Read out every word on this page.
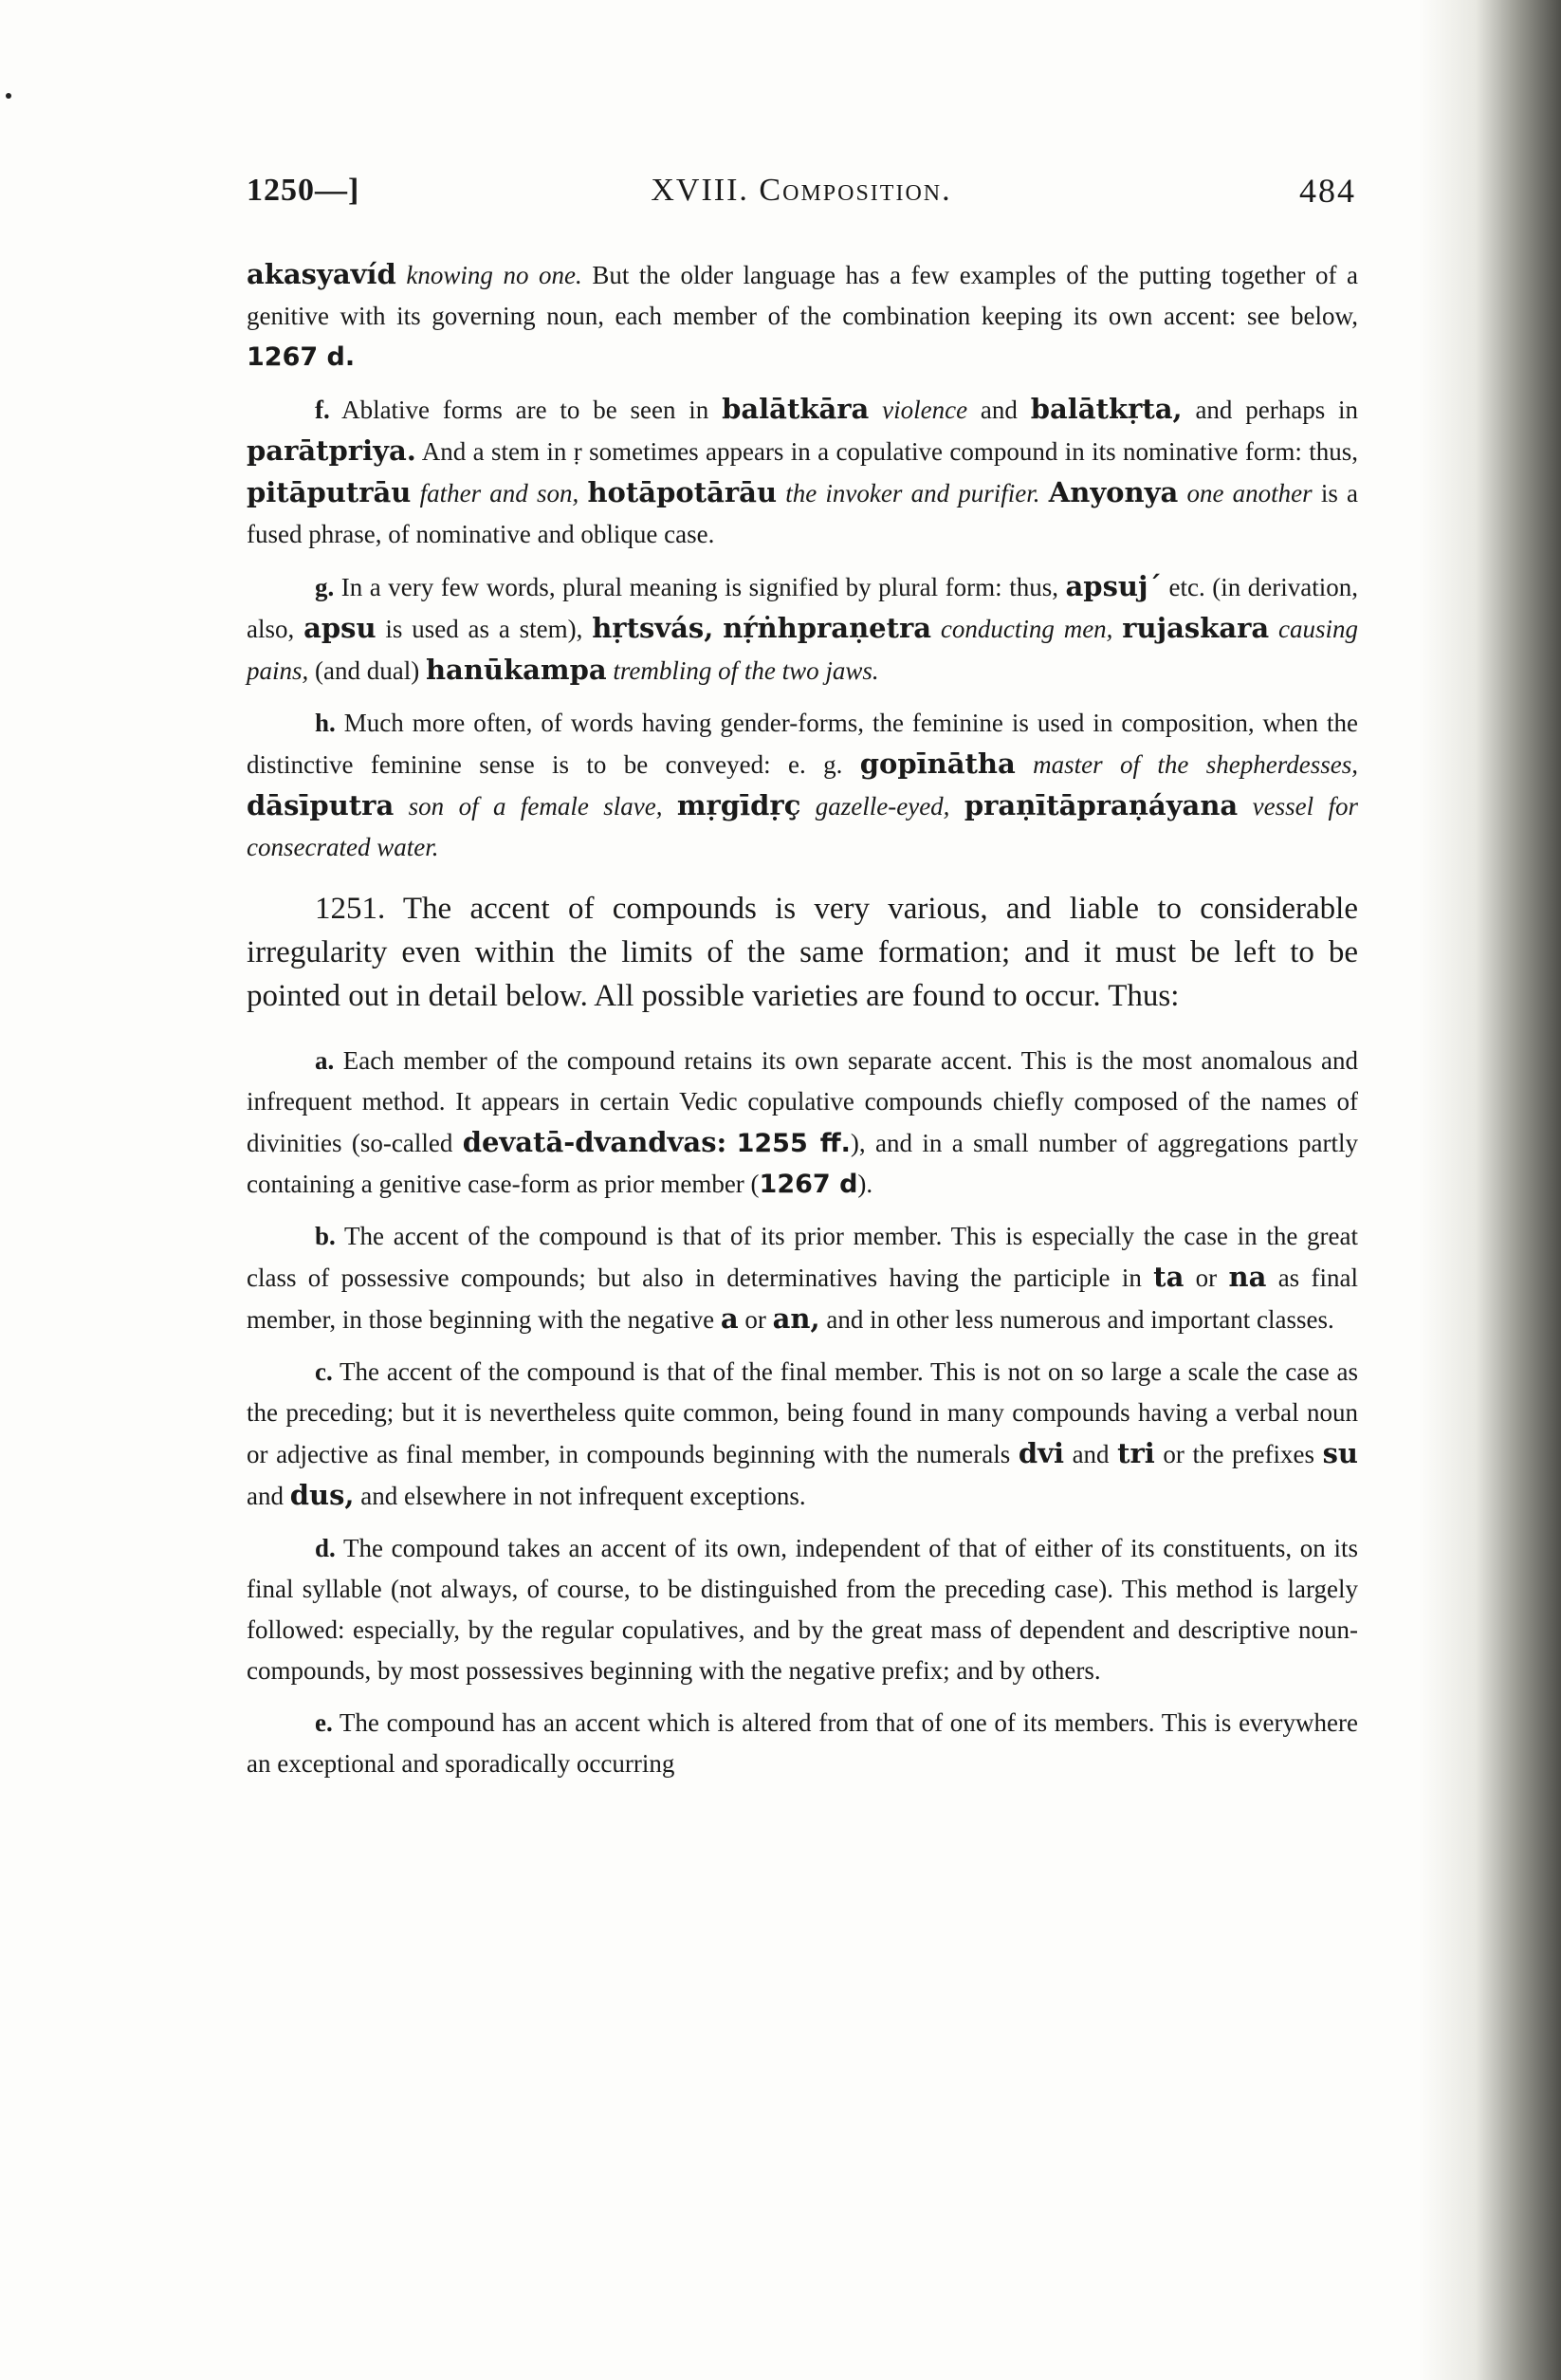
1250—]	XVIII. Composition.	484

akasyavíd knowing no one. But the older language has a few examples of the putting together of a genitive with its governing noun, each member of the combination keeping its own accent: see below, 1267 d.

f. Ablative forms are to be seen in balātkāra violence and balātkṛta, and perhaps in parātpriya. And a stem in ṛ sometimes appears in a copulative compound in its nominative form: thus, pitāputrāu father and son, hotāpotārāu the invoker and purifier. Anyonya one another is a fused phrase, of nominative and oblique case.

g. In a very few words, plural meaning is signified by plural form: thus, apsuj´ etc. (in derivation, also, apsu is used as a stem), hṛtsvás, nṛ́ṅhpraṇetra conducting men, rujaskara causing pains, (and dual) hanūkampa trembling of the two jaws.

h. Much more often, of words having gender-forms, the feminine is used in composition, when the distinctive feminine sense is to be conveyed: e. g. gopīnātha master of the shepherdesses, dāsīputra son of a female slave, mṛgīdṛç gazelle-eyed, praṇītāpraṇáyana vessel for consecrated water.

1251. The accent of compounds is very various, and liable to considerable irregularity even within the limits of the same formation; and it must be left to be pointed out in detail below. All possible varieties are found to occur. Thus:

a. Each member of the compound retains its own separate accent. This is the most anomalous and infrequent method. It appears in certain Vedic copulative compounds chiefly composed of the names of divinities (so-called devatā-dvandvas: 1255 ff.), and in a small number of aggregations partly containing a genitive case-form as prior member (1267 d).

b. The accent of the compound is that of its prior member. This is especially the case in the great class of possessive compounds; but also in determinatives having the participle in ta or na as final member, in those beginning with the negative a or an, and in other less numerous and important classes.

c. The accent of the compound is that of the final member. This is not on so large a scale the case as the preceding; but it is nevertheless quite common, being found in many compounds having a verbal noun or adjective as final member, in compounds beginning with the numerals dvi and tri or the prefixes su and dus, and elsewhere in not infrequent exceptions.

d. The compound takes an accent of its own, independent of that of either of its constituents, on its final syllable (not always, of course, to be distinguished from the preceding case). This method is largely followed: especially, by the regular copulatives, and by the great mass of dependent and descriptive noun-compounds, by most possessives beginning with the negative prefix; and by others.

e. The compound has an accent which is altered from that of one of its members. This is everywhere an exceptional and sporadically occurring
